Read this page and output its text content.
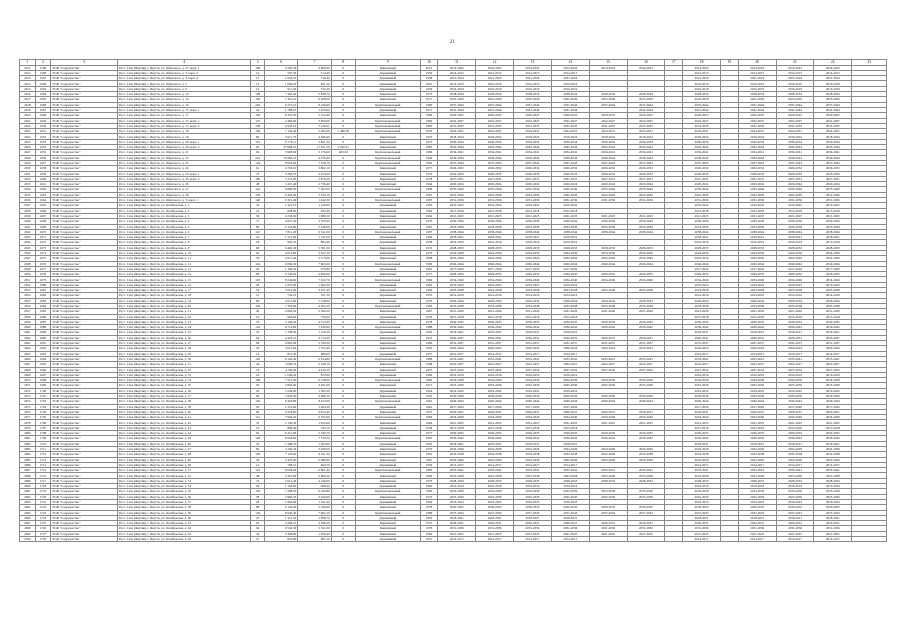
21
1	2	3	4	5	6	7	8	9	10	11	12	13	14	15	16	17	18	19	20	21	22	23
2611	1508	ТСЖ "Содружество"	Росс. Саха (Якутия), г. Якутск, ул. Ойунского, д. 27, корп. 1	108	4 583,30	3 860,60	0	Кирпичный	2014	2014-2043	2044-2043	2014-2043	2014-2043	2014-2043	2044-2043		2014-2043		2014-2043	2014-2043	2044-2043	
2612	1568	ТСЖ "Содружество"	Росс. Саха (Якутия), г. Якутск, ул. Ойунского, д. 3, корп. 2	14	597,50	514,30	0	Деревянный	1956	2014-2015	2014-2015	2014-2015	2014-2015				2014-2015		2014-2015	2014-2015	2014-2015	
2613	1567	ТСЖ "Содружество"	Росс. Саха (Якутия), г. Якутск, ул. Ойунского, д. 4, корп. 4	15	1 026,70	716,40	0	Деревянный	1958	2021-2024	2021-2024	2021-2024	2021-2024				2021-2024		2021-2024	2021-2024	2021-2024	
2614	1669	ТСЖ "Содружество"	Росс. Саха (Якутия), г. Якутск, ул. Ойунского, д. 5	12	1 084,20	841,20	0	Деревянный	1961	2016-2019	2016-2019	2016-2019	2016-2019				2016-2019		2016-2019	2016-2019	2016-2019	
2615	1664	ТСЖ "Содружество"	Росс. Саха (Якутия), г. Якутск, ул. Ойунского, д. 6	12	911,50	752,40	0	Деревянный	1959	2016-2019	2016-2019	2016-2019	2016-2019				2016-2019		2016-2019	2016-2019	2016-2019	
2616	1669	ТСЖ "Содружество"	Росс. Саха (Якутия), г. Якутск, ул. Ойунского, д. 10	108	7 402,40	5 838,70	0	Кирпичный	1973	2028-2034	2028-2034	2028-2034	2028-2034	2028-2034	2028-2034		2028-2034		2028-2034	2028-2034	2028-2034	
2617	1665	ТСЖ "Содружество"	Росс. Саха (Якутия), г. Якутск, ул. Ойунского, д. 14	100	7 319,41	6 208,00	0	Кирпичный	1971	2025-2029	2025-2029	2025-2029	2025-2029	2025-2029	2025-2029		2025-2029		2025-2029	2025-2029	2025-2029	
2618	1668	ТСЖ "Содружество"	Росс. Саха (Якутия), г. Якутск, ул. Ойунского, д. 16	202	9 275,10	8 226,90	0	Крупнопанельный	1980	2037-2044	2037-2044	2037-2044	2037-2044	2037-2044	2037-2044		2037-2044		2037-2044	2037-2044	2037-2044	
2619	1667	ТСЖ "Содружество"	Росс. Саха (Якутия), г. Якутск, ул. Ойунского, д. 17, корп. 1	24	1 789,07	1 323,60	0	Деревянный	1971	2041-2044	2041-2044	2041-2044	2041-2044		2041-2044		2041-2044		2041-2044	2041-2044	2041-2044	
2620	1666	ТСЖ "Содружество"	Росс. Саха (Якутия), г. Якутск, ул. Ойунского, д. 17	100	6 355,50	5 312,40	0	Кирпичный	1980	2020-2025	2020-2025	2020-2025	2020-2025	2020-2025	2020-2025		2020-2025		2020-2025	2020-2025	2020-2025	
2621	1649	ТСЖ "Содружество"	Росс. Саха (Якутия), г. Якутск, ул. Ойунского, д. 17, корп. 1	147	4 484,60	3 850,60	0	Крупнопанельный	1982	2022-2027	2022-2027	2022-2027	2022-2027	2022-2027	2022-2027		2022-2027		2022-2027	2022-2027	2022-2027	
2622	1650	ТСЖ "Содружество"	Росс. Саха (Якутия), г. Якутск, ул. Ойунского, д. 17, корп. 2	100	6 932,19	5 226,01	0	Крупнопанельный	1985	2031-2035	2031-2035	2031-2035	2031-2035	2031-2035	2031-2035		2031-2035		2031-2035	2031-2035	2031-2035	
2623	1651	ТСЖ "Содружество"	Росс. Саха (Якутия), г. Якутск, ул. Ойунского, д. 18	106	7 156,40	5 692,60	1 486,30	Крупнопанельный	1979	2024-2031	2024-2031	2024-2031	2024-2031	2024-2031	2024-2031		2024-2031		2024-2031	2024-2031	2024-2031	
2624	1652	ТСЖ "Содружество"	Росс. Саха (Якутия), г. Якутск, ул. Ойунского, д. 19	86	5 611,70	4 366,40	0	Кирпичный	1970	2018-2024	2018-2024	2018-2024	2018-2024	2018-2024	2018-2024		2018-2024		2018-2024	2018-2024	2018-2024	
2625	1653	ТСЖ "Содружество"	Росс. Саха (Якутия), г. Якутск, ул. Ойунского, д. 20, корп. 1	101	6 770,11	5 821,50	0	Кирпичный	1973	2030-2034	2030-2034	2030-2034	2030-2034	2030-2034	2030-2034		2030-2034		2030-2034	2030-2034	2030-2034	
2626	1654	ТСЖ "Содружество"	Росс. Саха (Якутия), г. Якутск, ул. Ойунского, д. 20, корп. 2	92	37 868,10	11 811,50	2 062,41	Кирпичный	1985	2045-2044	2045-2044	2045-2044	2045-2044	2045-2044	2045-2044		2045-2044		2045-2044	2045-2044	2045-2044	
2627	1655	ТСЖ "Содружество"	Росс. Саха (Якутия), г. Якутск, ул. Ойунского, д. 21	62	3 908,90	3 176,60	463,30	Крупнопанельный	1986	2034-2041	2034-2041	2034-2041	2034-2041	2034-2041	2034-2041		2034-2041		2034-2041	2034-2041	2034-2041	
2628	1656	ТСЖ "Содружество"	Росс. Саха (Якутия), г. Якутск, ул. Ойунского, д. 22	216	10 982,10	9 276,40	0	Крупнопанельный	1996	2039-2044	2039-2044	2039-2044	2039-2044	2039-2044	2039-2044		2039-2044		2039-2044	2039-2044	2039-2044	
2629	1657	ТСЖ "Содружество"	Росс. Саха (Якутия), г. Якутск, ул. Ойунского, д. 23	104	8 932,00	7 556,70	0	Крупнопанельный	1992	2037-2043	2037-2043	2037-2043	2037-2043	2037-2043	2037-2043		2037-2043		2037-2043	2037-2043	2037-2043	
2630	1658	ТСЖ "Содружество"	Росс. Саха (Якутия), г. Якутск, ул. Ойунского, д. 24	61	4 763,10	3 862,10	0	Кирпичный	1975	2026-2032	2026-2032	2026-2032	2026-2032	2026-2032	2026-2032		2026-2032		2026-2032	2026-2032	2026-2032	
2631	1659	ТСЖ "Содружество"	Росс. Саха (Якутия), г. Якутск, ул. Ойунского, д. 25, корп. 1	72	5 282,70	4 013,60	0	Кирпичный	1976	2026-2033	2026-2033	2026-2033	2026-2033	2026-2033	2026-2033		2026-2033		2026-2033	2026-2033	2026-2033	
2632	1660	ТСЖ "Содружество"	Росс. Саха (Якутия), г. Якутск, ул. Ойунского, д. 25, корп. 2	100	7 273,00	5 878,20	0	Кирпичный	1978	2027-2031	2027-2031	2027-2031	2027-2031	2027-2031	2027-2031		2027-2031		2027-2031	2027-2031	2027-2031	
2633	1661	ТСЖ "Содружество"	Росс. Саха (Якутия), г. Якутск, ул. Ойунского, д. 26	48	3 201,40	2 736,40	0	Кирпичный	1964	2020-2024	2020-2024	2020-2024	2020-2024	2020-2024	2020-2024		2020-2024		2020-2024	2020-2024	2020-2024	
2634	1662	ТСЖ "Содружество"	Росс. Саха (Якутия), г. Якутск, ул. Ойунского, д. 27	142	9 680,00	7 562,00	0	Крупнопанельный	1989	2035-2040	2035-2040	2035-2040	2035-2040	2035-2040	2035-2040		2035-2040		2035-2040	2035-2040	2035-2040	
2635	1663	ТСЖ "Содружество"	Росс. Саха (Якутия), г. Якутск, ул. Ойунского, д. 28	150	6 403,00	5 160,10	0	Кирпичный	1967	2022-2029	2022-2029	2022-2029	2022-2029	2022-2029	2022-2029		2022-2029		2022-2029	2022-2029	2022-2029	
2636	1664	ТСЖ "Содружество"	Росс. Саха (Якутия), г. Якутск, ул. Ойунского, д. 3, корп. 1	140	9 312,40	1 442,30	0	Крупнопанельный	1995	2031-2036	2031-2036	2031-2036	2031-2036	2031-2036	2031-2036		2031-2036		2031-2036	2031-2036	2031-2036	
2637	1665	ТСЖ "Содружество"	Росс. Саха (Якутия), г. Якутск, ул. Октябрьская, д. 1	32	1 421,10	1 226,80	0	Деревянный	1963	2019-2022	2019-2022	2019-2022	2019-2022				2019-2022		2019-2022	2019-2022	2019-2022	
2638	1666	ТСЖ "Содружество"	Росс. Саха (Якутия), г. Якутск, ул. Октябрьская, д. 2	16	828,60	632,40	0	Деревянный	1960	2015-2018	2015-2018	2015-2018	2015-2018				2015-2018		2015-2018	2015-2018	2015-2018	
2639	1667	ТСЖ "Содружество"	Росс. Саха (Якутия), г. Якутск, ул. Октябрьская, д. 3	30	2 236,00	1 986,50	0	Кирпичный	1962	2021-2025	2021-2025	2021-2025	2021-2025	2021-2025	2021-2025		2021-2025		2021-2025	2021-2025	2021-2025	
2640	1668	ТСЖ "Содружество"	Росс. Саха (Якутия), г. Якутск, ул. Октябрьская, д. 4	71	4 821,50	3 765,00	0	Кирпичный	1979	2030-2036	2030-2036	2030-2036	2030-2036	2030-2036	2030-2036		2030-2036		2030-2036	2030-2036	2030-2036	
2641	1669	ТСЖ "Содружество"	Росс. Саха (Якутия), г. Якутск, ул. Октябрьская, д. 5	80	6 124,90	5 340,00	0	Кирпичный	1981	2033-2039	2033-2039	2033-2039	2033-2039	2033-2039	2033-2039		2033-2039		2033-2039	2033-2039	2033-2039	
2642	1670	ТСЖ "Содружество"	Росс. Саха (Якутия), г. Якутск, ул. Октябрьская, д. 6	110	7 811,20	6 541,00	0	Крупнопанельный	1987	2038-2044	2038-2044	2038-2044	2038-2044	2038-2044	2038-2044		2038-2044		2038-2044	2038-2044	2038-2044	
2643	1671	ТСЖ "Содружество"	Росс. Саха (Якутия), г. Якутск, ул. Октябрьская, д. 7	24	1 512,00	1 311,60	0	Деревянный	1966	2018-2021	2018-2021	2018-2021	2018-2021				2018-2021		2018-2021	2018-2021	2018-2021	
2644	1672	ТСЖ "Содружество"	Росс. Саха (Якутия), г. Якутск, ул. Октябрьская, д. 8	18	962,70	804,40	0	Деревянный	1958	2016-2019	2016-2019	2016-2019	2016-2019				2016-2019		2016-2019	2016-2019	2016-2019	
2645	1673	ТСЖ "Содружество"	Росс. Саха (Якутия), г. Якутск, ул. Октябрьская, д. 9	96	6 402,30	5 501,00	0	Кирпичный	1974	2028-2033	2028-2033	2028-2033	2028-2033	2028-2033	2028-2033		2028-2033		2028-2033	2028-2033	2028-2033	
2646	1674	ТСЖ "Содружество"	Росс. Саха (Якутия), г. Якутск, ул. Октябрьская, д. 10	62	4 013,80	3 422,10	0	Кирпичный	1970	2024-2030	2024-2030	2024-2030	2024-2030	2024-2030	2024-2030		2024-2030		2024-2030	2024-2030	2024-2030	
2647	1675	ТСЖ "Содружество"	Росс. Саха (Якутия), г. Якутск, ул. Октябрьская, д. 11	36	2 611,40	2 173,00	0	Кирпичный	1968	2022-2026	2022-2026	2022-2026	2022-2026	2022-2026	2022-2026		2022-2026		2022-2026	2022-2026	2022-2026	
2648	1676	ТСЖ "Содружество"	Росс. Саха (Якутия), г. Якутск, ул. Октябрьская, д. 12	144	9 006,50	7 663,20	0	Крупнопанельный	1990	2040-2044	2040-2044	2040-2044	2040-2044	2040-2044	2040-2044		2040-2044		2040-2044	2040-2044	2040-2044	
2649	1677	ТСЖ "Содружество"	Росс. Саха (Якутия), г. Якутск, ул. Октябрьская, д. 13	20	1 184,30	976,80	0	Деревянный	1961	2017-2020	2017-2020	2017-2020	2017-2020				2017-2020		2017-2020	2017-2020	2017-2020	
2650	1678	ТСЖ "Содружество"	Росс. Саха (Якутия), г. Якутск, ул. Октябрьская, д. 14	86	5 740,20	4 826,00	0	Кирпичный	1977	2029-2035	2029-2035	2029-2035	2029-2035	2029-2035	2029-2035		2029-2035		2029-2035	2029-2035	2029-2035	
2651	1679	ТСЖ "Содружество"	Росс. Саха (Якутия), г. Якутск, ул. Октябрьская, д. 15	118	8 244,60	7 012,70	0	Крупнопанельный	1984	2034-2040	2034-2040	2034-2040	2034-2040	2034-2040	2034-2040		2034-2040		2034-2040	2034-2040	2034-2040	
2652	1680	ТСЖ "Содружество"	Росс. Саха (Якутия), г. Якутск, ул. Октябрьская, д. 16	28	1 873,00	1 602,20	0	Деревянный	1963	2019-2023	2019-2023	2019-2023	2019-2023				2019-2023		2019-2023	2019-2023	2019-2023	
2653	1681	ТСЖ "Содружество"	Росс. Саха (Якутия), г. Якутск, ул. Октябрьская, д. 17	54	3 612,90	3 071,40	0	Кирпичный	1969	2023-2028	2023-2028	2023-2028	2023-2028	2023-2028	2023-2028		2023-2028		2023-2028	2023-2028	2023-2028	
2654	1682	ТСЖ "Содружество"	Росс. Саха (Якутия), г. Якутск, ул. Октябрьская, д. 18	12	742,10	611,30	0	Деревянный	1955	2014-2016	2014-2016	2014-2016	2014-2016				2014-2016		2014-2016	2014-2016	2014-2016	
2655	1683	ТСЖ "Содружество"	Росс. Саха (Якутия), г. Якутск, ул. Октябрьская, д. 19	90	6 011,80	5 128,60	0	Кирпичный	1976	2029-2034	2029-2034	2029-2034	2029-2034	2029-2034	2029-2034		2029-2034		2029-2034	2029-2034	2029-2034	
2656	1684	ТСЖ "Содружество"	Росс. Саха (Якутия), г. Якутск, ул. Октябрьская, д. 20	104	7 356,00	6 204,10	0	Крупнопанельный	1983	2033-2038	2033-2038	2033-2038	2033-2038	2033-2038	2033-2038		2033-2038		2033-2038	2033-2038	2033-2038	
2657	1685	ТСЖ "Содружество"	Росс. Саха (Якутия), г. Якутск, ул. Октябрьская, д. 21	40	2 804,50	2 366,20	0	Кирпичный	1967	2021-2026	2021-2026	2021-2026	2021-2026	2021-2026	2021-2026		2021-2026		2021-2026	2021-2026	2021-2026	
2658	1686	ТСЖ "Содружество"	Росс. Саха (Якутия), г. Якутск, ул. Октябрьская, д. 22	16	904,60	756,00	0	Деревянный	1959	2015-2018	2015-2018	2015-2018	2015-2018				2015-2018		2015-2018	2015-2018	2015-2018	
2659	1687	ТСЖ "Содружество"	Росс. Саха (Якутия), г. Якутск, ул. Октябрьская, д. 23	76	5 166,20	4 373,40	0	Кирпичный	1978	2030-2035	2030-2035	2030-2035	2030-2035	2030-2035	2030-2035		2030-2035		2030-2035	2030-2035	2030-2035	
2660	1688	ТСЖ "Содружество"	Росс. Саха (Якутия), г. Якутск, ул. Октябрьская, д. 24	132	8 712,80	7 430,90	0	Крупнопанельный	1988	2036-2042	2036-2042	2036-2042	2036-2042	2036-2042	2036-2042		2036-2042		2036-2042	2036-2042	2036-2042	
2661	1689	ТСЖ "Содружество"	Росс. Саха (Якутия), г. Якутск, ул. Октябрьская, д. 25	22	1 338,40	1 126,50	0	Деревянный	1962	2018-2021	2018-2021	2018-2021	2018-2021				2018-2021		2018-2021	2018-2021	2018-2021	
2662	1690	ТСЖ "Содружество"	Росс. Саха (Якутия), г. Якутск, ул. Октябрьская, д. 26	64	4 420,10	3 712,60	0	Кирпичный	1972	2026-2031	2026-2031	2026-2031	2026-2031	2026-2031	2026-2031		2026-2031		2026-2031	2026-2031	2026-2031	
2663	1691	ТСЖ "Содружество"	Росс. Саха (Якутия), г. Якутск, ул. Октябрьская, д. 27	98	6 881,00	5 790,30	0	Кирпичный	1980	2031-2037	2031-2037	2031-2037	2031-2037	2031-2037	2031-2037		2031-2037		2031-2037	2031-2037	2031-2037	
2664	1692	ТСЖ "Содружество"	Росс. Саха (Якутия), г. Якутск, ул. Октябрьская, д. 28	30	2 012,60	1 705,40	0	Кирпичный	1965	2020-2024	2020-2024	2020-2024	2020-2024	2020-2024	2020-2024		2020-2024		2020-2024	2020-2024	2020-2024	
2665	1693	ТСЖ "Содружество"	Росс. Саха (Якутия), г. Якутск, ул. Октябрьская, д. 29	14	812,30	680,00	0	Деревянный	1957	2014-2017	2014-2017	2014-2017	2014-2017				2014-2017		2014-2017	2014-2017	2014-2017	
2666	1694	ТСЖ "Содружество"	Росс. Саха (Якутия), г. Якутск, ул. Октябрьская, д. 30	120	8 120,40	6 914,80	0	Крупнопанельный	1986	2035-2041	2035-2041	2035-2041	2035-2041	2035-2041	2035-2041		2035-2041		2035-2041	2035-2041	2035-2041	
2667	1695	ТСЖ "Содружество"	Росс. Саха (Якутия), г. Якутск, ул. Октябрьская, д. 31	44	3 006,70	2 548,10	0	Кирпичный	1968	2022-2027	2022-2027	2022-2027	2022-2027	2022-2027	2022-2027		2022-2027		2022-2027	2022-2027	2022-2027	
2668	1696	ТСЖ "Содружество"	Росс. Саха (Якутия), г. Якутск, ул. Октябрьская, д. 32	70	4 760,00	4 012,50	0	Кирпичный	1975	2027-2032	2027-2032	2027-2032	2027-2032	2027-2032	2027-2032		2027-2032		2027-2032	2027-2032	2027-2032	
2669	1697	ТСЖ "Содружество"	Росс. Саха (Якутия), г. Якутск, ул. Октябрьская, д. 33	18	1 046,20	872,60	0	Деревянный	1960	2016-2019	2016-2019	2016-2019	2016-2019				2016-2019		2016-2019	2016-2019	2016-2019	
2670	1698	ТСЖ "Содружество"	Росс. Саха (Якутия), г. Якутск, ул. Октябрьская, д. 34	108	7 512,30	6 318,00	0	Крупнопанельный	1985	2034-2039	2034-2039	2034-2039	2034-2039	2034-2039	2034-2039		2034-2039		2034-2039	2034-2039	2034-2039	
2671	1699	ТСЖ "Содружество"	Росс. Саха (Якутия), г. Якутск, ул. Октябрьская, д. 35	56	3 804,60	3 201,90	0	Кирпичный	1971	2025-2030	2025-2030	2025-2030	2025-2030	2025-2030	2025-2030		2025-2030		2025-2030	2025-2030	2025-2030	
2672	1700	ТСЖ "Содружество"	Росс. Саха (Якутия), г. Якутск, ул. Октябрьская, д. 36	26	1 640,00	1 385,20	0	Деревянный	1964	2019-2022	2019-2022	2019-2022	2019-2022				2019-2022		2019-2022	2019-2022	2019-2022	
2673	1701	ТСЖ "Содружество"	Росс. Саха (Якутия), г. Якутск, ул. Октябрьская, д. 37	84	5 920,50	4 986,10	0	Кирпичный	1979	2030-2036	2030-2036	2030-2036	2030-2036	2030-2036	2030-2036		2030-2036		2030-2036	2030-2036	2030-2036	
2674	1702	ТСЖ "Содружество"	Росс. Саха (Якутия), г. Якутск, ул. Октябрьская, д. 38	146	9 420,80	8 013,60	0	Крупнопанельный	1991	2040-2044	2040-2044	2040-2044	2040-2044	2040-2044	2040-2044		2040-2044		2040-2044	2040-2044	2040-2044	
2675	1703	ТСЖ "Содружество"	Росс. Саха (Якутия), г. Якутск, ул. Октябрьская, д. 39	20	1 210,60	1 004,30	0	Деревянный	1961	2017-2020	2017-2020	2017-2020	2017-2020				2017-2020		2017-2020	2017-2020	2017-2020	
2676	1704	ТСЖ "Содружество"	Росс. Саха (Якутия), г. Якутск, ул. Октябрьская, д. 40	66	4 518,00	3 812,40	0	Кирпичный	1973	2026-2031	2026-2031	2026-2031	2026-2031	2026-2031	2026-2031		2026-2031		2026-2031	2026-2031	2026-2031	
2677	1705	ТСЖ "Содружество"	Росс. Саха (Якутия), г. Якутск, ул. Октябрьская, д. 41	112	7 904,20	6 702,00	0	Крупнопанельный	1984	2034-2040	2034-2040	2034-2040	2034-2040	2034-2040	2034-2040		2034-2040		2034-2040	2034-2040	2034-2040	
2678	1706	ТСЖ "Содружество"	Росс. Саха (Якутия), г. Якутск, ул. Октябрьская, д. 42	32	2 140,30	1 812,60	0	Кирпичный	1966	2021-2025	2021-2025	2021-2025	2021-2025	2021-2025	2021-2025		2021-2025		2021-2025	2021-2025	2021-2025	
2679	1707	ТСЖ "Содружество"	Росс. Саха (Якутия), г. Якутск, ул. Октябрьская, д. 43	16	886,40	742,10	0	Деревянный	1958	2015-2018	2015-2018	2015-2018	2015-2018				2015-2018		2015-2018	2015-2018	2015-2018	
2680	1708	ТСЖ "Содружество"	Росс. Саха (Якутия), г. Якутск, ул. Октябрьская, д. 44	92	6 312,00	5 340,70	0	Кирпичный	1977	2029-2035	2029-2035	2029-2035	2029-2035	2029-2035	2029-2035		2029-2035		2029-2035	2029-2035	2029-2035	
2681	1709	ТСЖ "Содружество"	Росс. Саха (Якутия), г. Якутск, ул. Октябрьская, д. 45	128	8 604,90	7 310,20	0	Крупнопанельный	1987	2036-2042	2036-2042	2036-2042	2036-2042	2036-2042	2036-2042		2036-2042		2036-2042	2036-2042	2036-2042	
2682	1710	ТСЖ "Содружество"	Росс. Саха (Якутия), г. Якутск, ул. Октябрьская, д. 46	24	1 498,70	1 263,00	0	Деревянный	1963	2018-2021	2018-2021	2018-2021	2018-2021				2018-2021		2018-2021	2018-2021	2018-2021	
2683	1711	ТСЖ "Содружество"	Росс. Саха (Якутия), г. Якутск, ул. Октябрьская, д. 47	60	4 106,30	3 468,50	0	Кирпичный	1970	2024-2029	2024-2029	2024-2029	2024-2029	2024-2029	2024-2029		2024-2029		2024-2029	2024-2029	2024-2029	
2684	1712	ТСЖ "Содружество"	Росс. Саха (Якутия), г. Якутск, ул. Октябрьская, д. 48	100	7 120,60	6 011,30	0	Кирпичный	1981	2032-2038	2032-2038	2032-2038	2032-2038	2032-2038	2032-2038		2032-2038		2032-2038	2032-2038	2032-2038	
2685	1713	ТСЖ "Содружество"	Росс. Саха (Якутия), г. Якутск, ул. Октябрьская, д. 49	36	2 470,20	2 088,90	0	Кирпичный	1967	2022-2026	2022-2026	2022-2026	2022-2026	2022-2026	2022-2026		2022-2026		2022-2026	2022-2026	2022-2026	
2686	1714	ТСЖ "Содружество"	Росс. Саха (Якутия), г. Якутск, ул. Октябрьская, д. 50	14	798,10	664,70	0	Деревянный	1956	2014-2017	2014-2017	2014-2017	2014-2017				2014-2017		2014-2017	2014-2017	2014-2017	
2687	1715	ТСЖ "Содружество"	Росс. Саха (Якутия), г. Якутск, ул. Октябрьская, д. 51	116	8 006,00	6 801,40	0	Крупнопанельный	1985	2035-2041	2035-2041	2035-2041	2035-2041	2035-2041	2035-2041		2035-2041		2035-2041	2035-2041	2035-2041	
2688	1716	ТСЖ "Содружество"	Росс. Саха (Якутия), г. Якутск, ул. Октябрьская, д. 52	48	3 310,80	2 806,20	0	Кирпичный	1969	2023-2028	2023-2028	2023-2028	2023-2028	2023-2028	2023-2028		2023-2028		2023-2028	2023-2028	2023-2028	
2689	1717	ТСЖ "Содружество"	Росс. Саха (Якутия), г. Якутск, ул. Октябрьская, д. 53	74	5 014,40	4 240,00	0	Кирпичный	1976	2028-2033	2028-2033	2028-2033	2028-2033	2028-2033	2028-2033		2028-2033		2028-2033	2028-2033	2028-2033	
2690	1718	ТСЖ "Содружество"	Росс. Саха (Якутия), г. Якутск, ул. Октябрьская, д. 54	20	1 164,00	968,30	0	Деревянный	1960	2016-2019	2016-2019	2016-2019	2016-2019				2016-2019		2016-2019	2016-2019	2016-2019	
2691	1719	ТСЖ "Содружество"	Росс. Саха (Якутия), г. Якутск, ул. Октябрьская, д. 55	104	7 288,50	6 160,80	0	Крупнопанельный	1983	2033-2039	2033-2039	2033-2039	2033-2039	2033-2039	2033-2039		2033-2039		2033-2039	2033-2039	2033-2039	
2692	1720	ТСЖ "Содружество"	Росс. Саха (Якутия), г. Якутск, ул. Октябрьская, д. 56	58	3 960,70	3 342,00	0	Кирпичный	1972	2025-2030	2025-2030	2025-2030	2025-2030	2025-2030	2025-2030		2025-2030		2025-2030	2025-2030	2025-2030	
2693	1721	ТСЖ "Содружество"	Росс. Саха (Якутия), г. Якутск, ул. Октябрьская, д. 57	28	1 802,90	1 521,40	0	Деревянный	1964	2019-2023	2019-2023	2019-2023	2019-2023				2019-2023		2019-2023	2019-2023	2019-2023	
2694	1722	ТСЖ "Содружество"	Росс. Саха (Якутия), г. Якутск, ул. Октябрьская, д. 58	88	6 142,00	5 190,60	0	Кирпичный	1978	2030-2035	2030-2035	2030-2035	2030-2035	2030-2035	2030-2035		2030-2035		2030-2035	2030-2035	2030-2035	
2695	1723	ТСЖ "Содружество"	Росс. Саха (Якутия), г. Якутск, ул. Октябрьская, д. 59	136	8 930,40	7 602,10	0	Крупнопанельный	1989	2037-2043	2037-2043	2037-2043	2037-2043	2037-2043	2037-2043		2037-2043		2037-2043	2037-2043	2037-2043	
2696	1724	ТСЖ "Содружество"	Росс. Саха (Якутия), г. Якутск, ул. Октябрьская, д. 60	22	1 312,50	1 098,70	0	Деревянный	1962	2018-2021	2018-2021	2018-2021	2018-2021				2018-2021		2018-2021	2018-2021	2018-2021	
2697	1725	ТСЖ "Содружество"	Росс. Саха (Якутия), г. Якутск, ул. Октябрьская, д. 61	62	4 266,10	3 598,20	0	Кирпичный	1973	2026-2031	2026-2031	2026-2031	2026-2031	2026-2031	2026-2031		2026-2031		2026-2031	2026-2031	2026-2031	
2698	1726	ТСЖ "Содружество"	Росс. Саха (Якутия), г. Якутск, ул. Октябрьская, д. 62	94	6 540,30	5 521,00	0	Кирпичный	1979	2031-2036	2031-2036	2031-2036	2031-2036	2031-2036	2031-2036		2031-2036		2031-2036	2031-2036	2031-2036	
2699	1727	ТСЖ "Содружество"	Росс. Саха (Якутия), г. Якутск, ул. Октябрьская, д. 63	34	2 306,80	1 950,40	0	Кирпичный	1966	2021-2025	2021-2025	2021-2025	2021-2025	2021-2025	2021-2025		2021-2025		2021-2025	2021-2025	2021-2025	
2700	1728	ТСЖ "Содружество"	Росс. Саха (Якутия), г. Якутск, ул. Октябрьская, д. 64	15	823,80	685,10	0	Деревянный	1957	2014-2017	2014-2017	2014-2017	2014-2017				2014-2017		2014-2017	2014-2017	2014-2017	
